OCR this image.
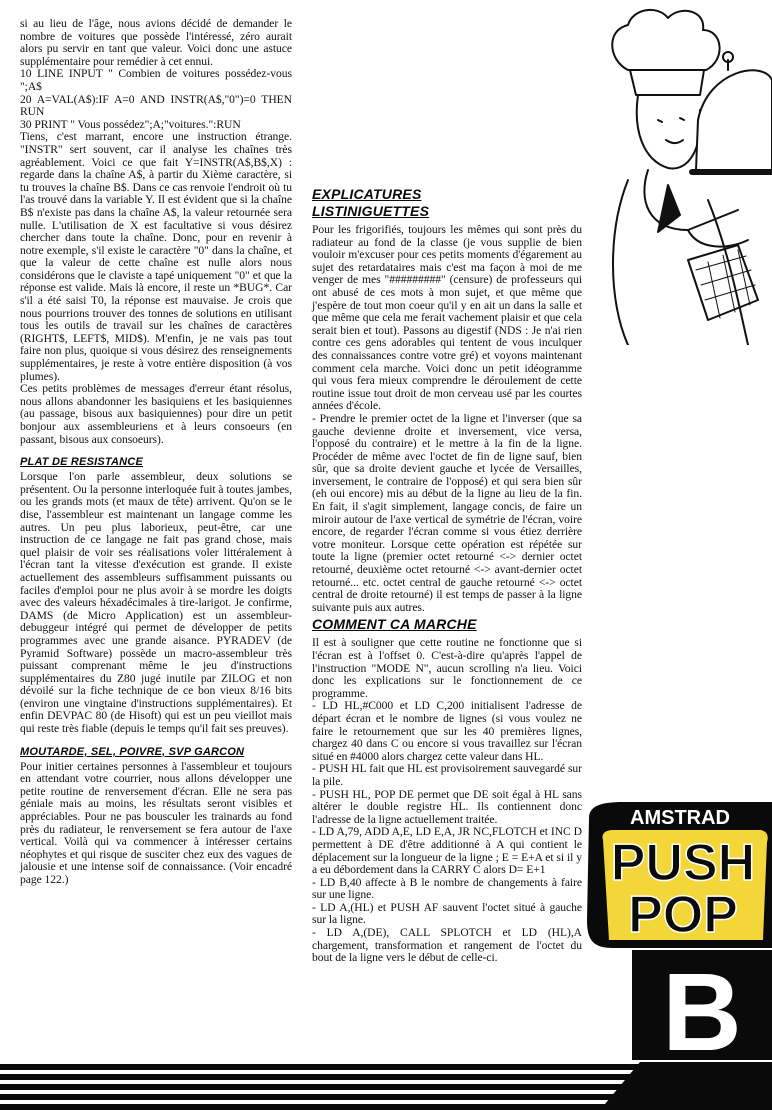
si au lieu de l'âge, nous avions décidé de demander le nombre de voitures que possède l'intéressé, zéro aurait alors pu servir en tant que valeur. Voici donc une astuce supplémentaire pour remédier à cet ennui.
10 LINE INPUT " Combien de voitures possédez-vous ";A$
20 A=VAL(A$):IF A=0 AND INSTR(A$,"0")=0 THEN RUN
30 PRINT " Vous possédez";A;"voitures.":RUN
Tiens, c'est marrant, encore une instruction étrange. "INSTR" sert souvent, car il analyse les chaînes très agréablement. Voici ce que fait Y=INSTR(A$,B$,X) : regarde dans la chaîne A$, à partir du Xième caractère, si tu trouves la chaîne B$. Dans ce cas renvoie l'endroit où tu l'as trouvé dans la variable Y. Il est évident que si la chaîne B$ n'existe pas dans la chaîne A$, la valeur retournée sera nulle. L'utilisation de X est facultative si vous désirez chercher dans toute la chaîne. Donc, pour en revenir à notre exemple, s'il existe le caractère "0" dans la chaîne, et que la valeur de cette chaîne est nulle alors nous considérons que le claviste a tapé uniquement "0" et que la réponse est valide. Mais là encore, il reste un *BUG*. Car s'il a été saisi T0, la réponse est mauvaise. Je crois que nous pourrions trouver des tonnes de solutions en utilisant tous les outils de travail sur les chaînes de caractères (RIGHT$, LEFT$, MID$). M'enfin, je ne vais pas tout faire non plus, quoique si vous désirez des renseignements supplémentaires, je reste à votre entière disposition (à vos plumes).
Ces petits problèmes de messages d'erreur étant résolus, nous allons abandonner les basiquiens et les basiquiennes (au passage, bisous aux basiquiennes) pour dire un petit bonjour aux assembleuriens et à leurs consoeurs (en passant, bisous aux consoeurs).

PLAT DE RESISTANCE

Lorsque l'on parle assembleur, deux solutions se présentent. Ou la personne interloquée fuit à toutes jambes, ou les grands mots (et maux de tête) arrivent. Qu'on se le dise, l'assembleur est maintenant un langage comme les autres. Un peu plus laborieux, peut-être, car une instruction de ce langage ne fait pas grand chose, mais quel plaisir de voir ses réalisations voler littéralement à l'écran tant la vitesse d'exécution est grande. Il existe actuellement des assembleurs suffisamment puissants ou faciles d'emploi pour ne plus avoir à se mordre les doigts avec des valeurs héxadécimales à tire-larigot. Je confirme, DAMS (de Micro Application) est un assembleur-debuggeur intégré qui permet de développer de petits programmes avec une grande aisance. PYRADEV (de Pyramid Software) possède un macro-assembleur très puissant comprenant même le jeu d'instructions supplémentaires du Z80 jugé inutile par ZILOG et non dévoilé sur la fiche technique de ce bon vieux 8/16 bits (environ une vingtaine d'instructions supplémentaires). Et enfin DEVPAC 80 (de Hisoft) qui est un peu vieillot mais qui reste très fiable (depuis le temps qu'il fait ses preuves).

MOUTARDE, SEL, POIVRE, SVP GARCON

Pour initier certaines personnes à l'assembleur et toujours en attendant votre courrier, nous allons développer une petite routine de renversement d'écran. Elle ne sera pas géniale mais au moins, les résultats seront visibles et appréciables. Pour ne pas bousculer les trainards au fond près du radiateur, le renversement se fera autour de l'axe vertical. Voilà qui va commencer à intéresser certains néophytes et qui risque de susciter chez eux des vagues de jalousie et une intense soif de connaissance. (Voir encadré page 122.)

EXPLICATURES
LISTINIGUETTES

Pour les frigorifiés, toujours les mêmes qui sont près du radiateur au fond de la classe (je vous supplie de bien vouloir m'excuser pour ces petits moments d'égarement au sujet des retardataires mais c'est ma façon à moi de me venger de mes "#########" (censure) de professeurs qui ont abusé de ces mots à mon sujet, et que même que j'espère de tout mon coeur qu'il y en ait un dans la salle et que même que cela me ferait vachement plaisir et que cela serait bien et tout). Passons au digestif (NDS : Je n'ai rien contre ces gens adorables qui tentent de vous inculquer des connaissances contre votre gré) et voyons maintenant comment cela marche. Voici donc un petit idéogramme qui vous fera mieux comprendre le déroulement de cette routine issue tout droit de mon cerveau usé par les courtes années d'école.
- Prendre le premier octet de la ligne et l'inverser (que sa gauche devienne droite et inversement, vice versa, l'opposé du contraire) et le mettre à la fin de la ligne. Procéder de même avec l'octet de fin de ligne sauf, bien sûr, que sa droite devient gauche et lycée de Versailles, inversement, le contraire de l'opposé) et qui sera bien sûr (eh oui encore) mis au début de la ligne au lieu de la fin. En fait, il s'agit simplement, langage concis, de faire un miroir autour de l'axe vertical de symétrie de l'écran, voire encore, de regarder l'écran comme si vous étiez derrière votre moniteur. Lorsque cette opération est répétée sur toute la ligne (premier octet retourné <-> dernier octet retourné, deuxième octet retourné <-> avant-dernier octet retourné... etc. octet central de gauche retourné <-> octet central de droite retourné) il est temps de passer à la ligne suivante puis aux autres.

COMMENT CA MARCHE

Il est à souligner que cette routine ne fonctionne que si l'écran est à l'offset 0. C'est-à-dire qu'après l'appel de l'instruction "MODE N", aucun scrolling n'a lieu. Voici donc les explications sur le fonctionnement de ce programme.
- LD HL,#C000 et LD C,200 initialisent l'adresse de départ écran et le nombre de lignes (si vous voulez ne faire le retournement que sur les 40 premières lignes, chargez 40 dans C ou encore si vous travaillez sur l'écran situé en #4000 alors chargez cette valeur dans HL.
- PUSH HL fait que HL est provisoirement sauvegardé sur la pile.
- PUSH HL, POP DE permet que DE soit égal à HL sans altérer le double registre HL. Ils contiennent donc l'adresse de la ligne actuellement traitée.
- LD A,79, ADD A,E, LD E,A, JR NC,FLOTCH et INC D permettent à DE d'être additionné à A qui contient le déplacement sur la longueur de la ligne ; E = E+A et si il y a eu débordement dans la CARRY C alors D= E+1
- LD B,40 affecte à B le nombre de changements à faire sur une ligne.
- LD A,(HL) et PUSH AF sauvent l'octet situé à gauche sur la ligne.
- LD A,(DE), CALL SPLOTCH et LD (HL),A chargement, transformation et rangement de l'octet du bout de la ligne vers le début de celle-ci.

AMSTRAD
PUSH
POP
B
